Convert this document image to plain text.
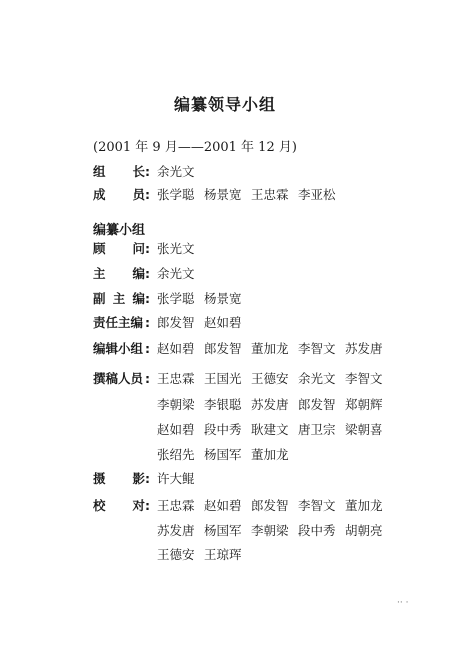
编纂领导小组
(2001 年 9 月——2001 年 12 月)
编纂小组
组 长 : 余光文
成 员 : 张学聪 杨景宽 王忠霖 李亚松
顾 问 : 张光文
主 编 : 余光文
副 主 编 : 张学聪 杨景宽
责任主编 : 郎发智 赵如碧
编辑小组 : 赵如碧 郎发智 董加龙 李智文 苏发唐
撰稿人员 : 王忠霖 王国光 王德安 余光文 李智文
李朝梁 李银聪 苏发唐 郎发智 郑朝辉
赵如碧 段中秀 耿建文 唐卫宗 梁朝喜
张绍先 杨国军 董加龙
摄 影 : 许大鲲
校 对 : 王忠霖 赵如碧 郎发智 李智文 董加龙
苏发唐 杨国军 李朝梁 段中秀 胡朝亮
王德安 王琼珲
·· ·
